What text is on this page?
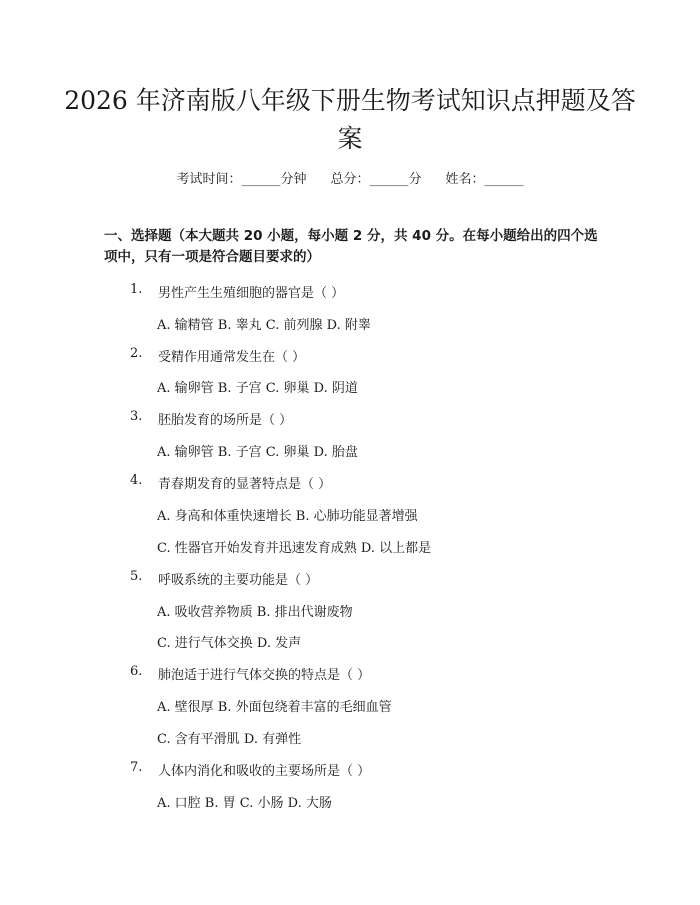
2026 年济南版八年级下册生物考试知识点押题及答案
考试时间：______分钟 总分：______分 姓名：______
一、选择题（本大题共 20 小题，每小题 2 分，共 40 分。在每小题给出的四个选项中，只有一项是符合题目要求的）
1. 男性产生生殖细胞的器官是（ ）
A. 输精管 B. 睾丸 C. 前列腺 D. 附睾
2. 受精作用通常发生在（ ）
A. 输卵管 B. 子宫 C. 卵巢 D. 阴道
3. 胚胎发育的场所是（ ）
A. 输卵管 B. 子宫 C. 卵巢 D. 胎盘
4. 青春期发育的显著特点是（ ）
A. 身高和体重快速增长 B. 心肺功能显著增强
C. 性器官开始发育并迅速发育成熟 D. 以上都是
5. 呼吸系统的主要功能是（ ）
A. 吸收营养物质 B. 排出代谢废物
C. 进行气体交换 D. 发声
6. 肺泡适于进行气体交换的特点是（ ）
A. 壁很厚 B. 外面包绕着丰富的毛细血管
C. 含有平滑肌 D. 有弹性
7. 人体内消化和吸收的主要场所是（ ）
A. 口腔 B. 胃 C. 小肠 D. 大肠
